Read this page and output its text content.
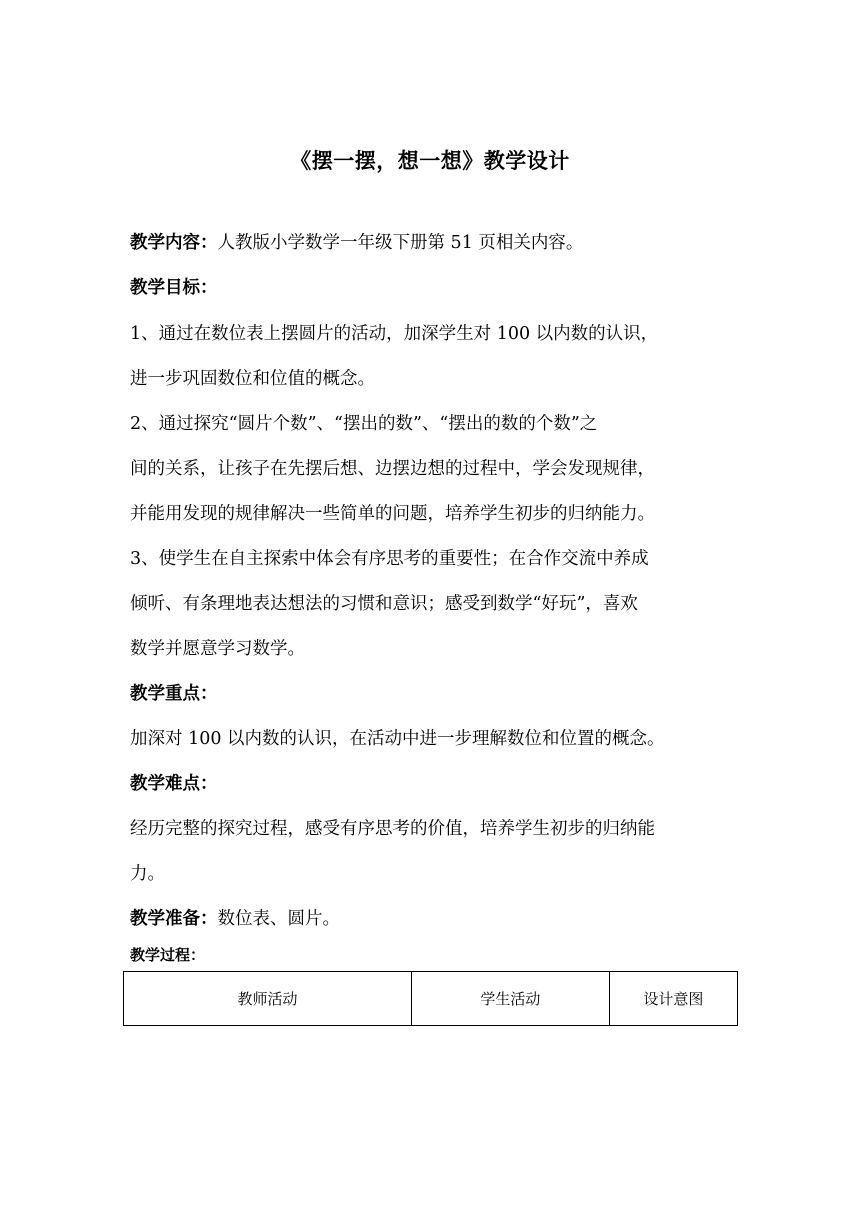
《摆一摆，想一想》教学设计
教学内容：人教版小学数学一年级下册第 51 页相关内容。
教学目标：
1、通过在数位表上摆圆片的活动，加深学生对 100 以内数的认识，
进一步巩固数位和位值的概念。
2、通过探究“圆片个数”、“摆出的数”、“摆出的数的个数”之
间的关系，让孩子在先摆后想、边摆边想的过程中，学会发现规律，
并能用发现的规律解决一些简单的问题，培养学生初步的归纳能力。
3、使学生在自主探索中体会有序思考的重要性；在合作交流中养成
倾听、有条理地表达想法的习惯和意识；感受到数学“好玩”，喜欢
数学并愿意学习数学。
教学重点：
加深对 100 以内数的认识，在活动中进一步理解数位和位置的概念。
教学难点：
经历完整的探究过程，感受有序思考的价值，培养学生初步的归纳能
力。
教学准备：数位表、圆片。
教学过程：
教师活动	学生活动	设计意图
